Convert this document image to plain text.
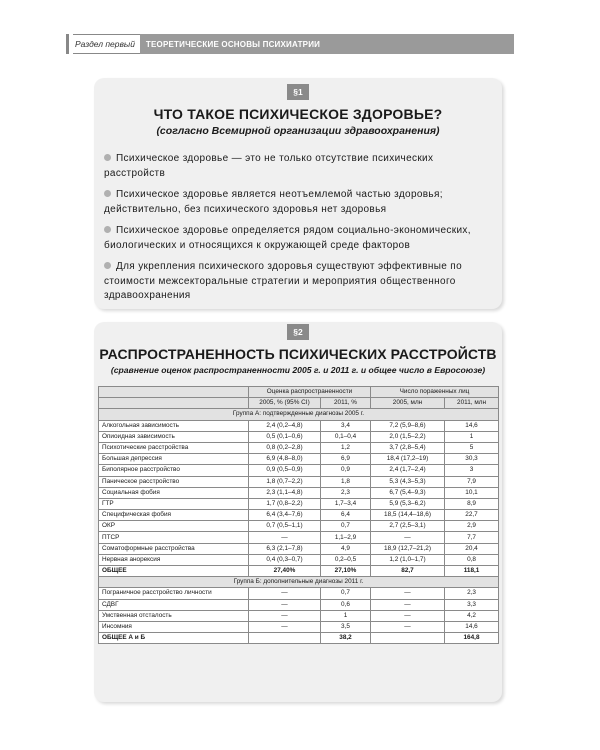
Раздел первый	ТЕОРЕТИЧЕСКИЕ ОСНОВЫ ПСИХИАТРИИ
§1
ЧТО ТАКОЕ ПСИХИЧЕСКОЕ ЗДОРОВЬЕ?
(согласно Всемирной организации здравоохранения)
Психическое здоровье — это не только отсутствие психических
расстройств
Психическое здоровье является неотъемлемой частью здоровья;
действительно, без психического здоровья нет здоровья
Психическое здоровье определяется рядом социально-экономических,
биологических и относящихся к окружающей среде факторов
Для укрепления психического здоровья существуют эффективные по
стоимости межсекторальные стратегии и мероприятия общественного
здравоохранения
§2
РАСПРОСТРАНЕННОСТЬ ПСИХИЧЕСКИХ РАССТРОЙСТВ
(сравнение оценок распространенности 2005 г. и 2011 г. и общее число в Евросоюзе)
	Оценка распространенности		Число пораженных лиц	
	2005, % (95% CI)	2011, %	2005, млн	2011, млн
Группа А: подтвержденные диагнозы 2005 г.				
Алкогольная зависимость	2,4 (0,2–4,8)	3,4	7,2 (5,9–8,6)	14,6
Опиоидная зависимость	0,5 (0,1–0,6)	0,1–0,4	2,0 (1,5–2,2)	1
Психотические расстройства	0,8 (0,2–2,8)	1,2	3,7 (2,8–5,4)	5
Большая депрессия	6,9 (4,8–8,0)	6,9	18,4 (17,2–19)	30,3
Биполярное расстройство	0,9 (0,5–0,9)	0,9	2,4 (1,7–2,4)	3
Паническое расстройство	1,8 (0,7–2,2)	1,8	5,3 (4,3–5,3)	7,9
Социальная фобия	2,3 (1,1–4,8)	2,3	6,7 (5,4–9,3)	10,1
ГТР	1,7 (0,8–2,2)	1,7–3,4	5,9 (5,3–6,2)	8,9
Специфическая фобия	6,4 (3,4–7,6)	6,4	18,5 (14,4–18,6)	22,7
ОКР	0,7 (0,5–1,1)	0,7	2,7 (2,5–3,1)	2,9
ПТСР	—	1,1–2,9	—	7,7
Соматоформные расстройства	6,3 (2,1–7,8)	4,9	18,9 (12,7–21,2)	20,4
Нервная анорексия	0,4 (0,3–0,7)	0,2–0,5	1,2 (1,0–1,7)	0,8
ОБЩЕЕ	27,40%	27,10%	82,7	118,1
Группа Б: дополнительные диагнозы 2011 г.				
Пограничное расстройство личности	—	0,7	—	2,3
СДВГ	—	0,6	—	3,3
Умственная отсталость	—	1	—	4,2
Инсомния	—	3,5	—	14,6
ОБЩЕЕ А и Б		38,2		164,8
